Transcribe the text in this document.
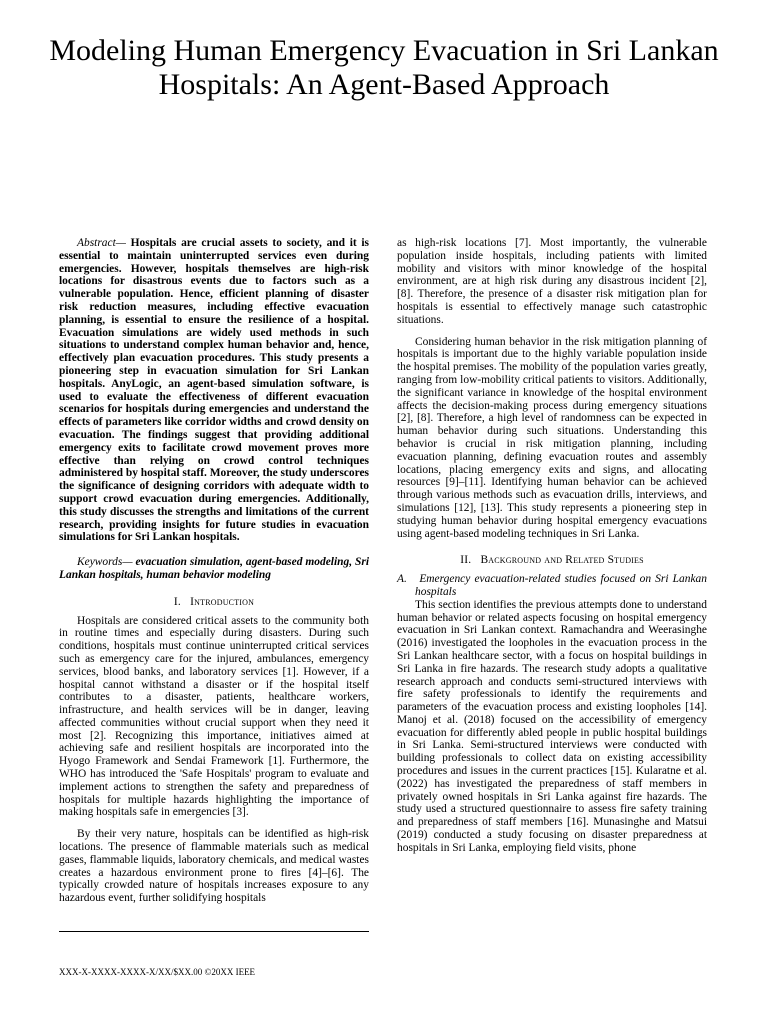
Modeling Human Emergency Evacuation in Sri Lankan Hospitals: An Agent-Based Approach

Abstract— Hospitals are crucial assets to society, and it is essential to maintain uninterrupted services even during emergencies. However, hospitals themselves are high-risk locations for disastrous events due to factors such as a vulnerable population. Hence, efficient planning of disaster risk reduction measures, including effective evacuation planning, is essential to ensure the resilience of a hospital. Evacuation simulations are widely used methods in such situations to understand complex human behavior and, hence, effectively plan evacuation procedures. This study presents a pioneering step in evacuation simulation for Sri Lankan hospitals. AnyLogic, an agent-based simulation software, is used to evaluate the effectiveness of different evacuation scenarios for hospitals during emergencies and understand the effects of parameters like corridor widths and crowd density on evacuation. The findings suggest that providing additional emergency exits to facilitate crowd movement proves more effective than relying on crowd control techniques administered by hospital staff. Moreover, the study underscores the significance of designing corridors with adequate width to support crowd evacuation during emergencies. Additionally, this study discusses the strengths and limitations of the current research, providing insights for future studies in evacuation simulations for Sri Lankan hospitals.

Keywords— evacuation simulation, agent-based modeling, Sri Lankan hospitals, human behavior modeling

I. Introduction

Hospitals are considered critical assets to the community both in routine times and especially during disasters. During such conditions, hospitals must continue uninterrupted critical services such as emergency care for the injured, ambulances, emergency services, blood banks, and laboratory services [1]. However, if a hospital cannot withstand a disaster or if the hospital itself contributes to a disaster, patients, healthcare workers, infrastructure, and health services will be in danger, leaving affected communities without crucial support when they need it most [2]. Recognizing this importance, initiatives aimed at achieving safe and resilient hospitals are incorporated into the Hyogo Framework and Sendai Framework [1]. Furthermore, the WHO has introduced the 'Safe Hospitals' program to evaluate and implement actions to strengthen the safety and preparedness of hospitals for multiple hazards highlighting the importance of making hospitals safe in emergencies [3].

By their very nature, hospitals can be identified as high-risk locations. The presence of flammable materials such as medical gases, flammable liquids, laboratory chemicals, and medical wastes creates a hazardous environment prone to fires [4]–[6]. The typically crowded nature of hospitals increases exposure to any hazardous event, further solidifying hospitals

as high-risk locations [7]. Most importantly, the vulnerable population inside hospitals, including patients with limited mobility and visitors with minor knowledge of the hospital environment, are at high risk during any disastrous incident [2], [8]. Therefore, the presence of a disaster risk mitigation plan for hospitals is essential to effectively manage such catastrophic situations.

Considering human behavior in the risk mitigation planning of hospitals is important due to the highly variable population inside the hospital premises. The mobility of the population varies greatly, ranging from low-mobility critical patients to visitors. Additionally, the significant variance in knowledge of the hospital environment affects the decision-making process during emergency situations [2], [8]. Therefore, a high level of randomness can be expected in human behavior during such situations. Understanding this behavior is crucial in risk mitigation planning, including evacuation planning, defining evacuation routes and assembly locations, placing emergency exits and signs, and allocating resources [9]–[11]. Identifying human behavior can be achieved through various methods such as evacuation drills, interviews, and simulations [12], [13]. This study represents a pioneering step in studying human behavior during hospital emergency evacuations using agent-based modeling techniques in Sri Lanka.

II. Background and Related Studies

A. Emergency evacuation-related studies focused on Sri Lankan hospitals

This section identifies the previous attempts done to understand human behavior or related aspects focusing on hospital emergency evacuation in Sri Lankan context. Ramachandra and Weerasinghe (2016) investigated the loopholes in the evacuation process in the Sri Lankan healthcare sector, with a focus on hospital buildings in Sri Lanka in fire hazards. The research study adopts a qualitative research approach and conducts semi-structured interviews with fire safety professionals to identify the requirements and parameters of the evacuation process and existing loopholes [14]. Manoj et al. (2018) focused on the accessibility of emergency evacuation for differently abled people in public hospital buildings in Sri Lanka. Semi-structured interviews were conducted with building professionals to collect data on existing accessibility procedures and issues in the current practices [15]. Kularatne et al. (2022) has investigated the preparedness of staff members in privately owned hospitals in Sri Lanka against fire hazards. The study used a structured questionnaire to assess fire safety training and preparedness of staff members [16]. Munasinghe and Matsui (2019) conducted a study focusing on disaster preparedness at hospitals in Sri Lanka, employing field visits, phone

XXX-X-XXXX-XXXX-X/XX/$XX.00 ©20XX IEEE
